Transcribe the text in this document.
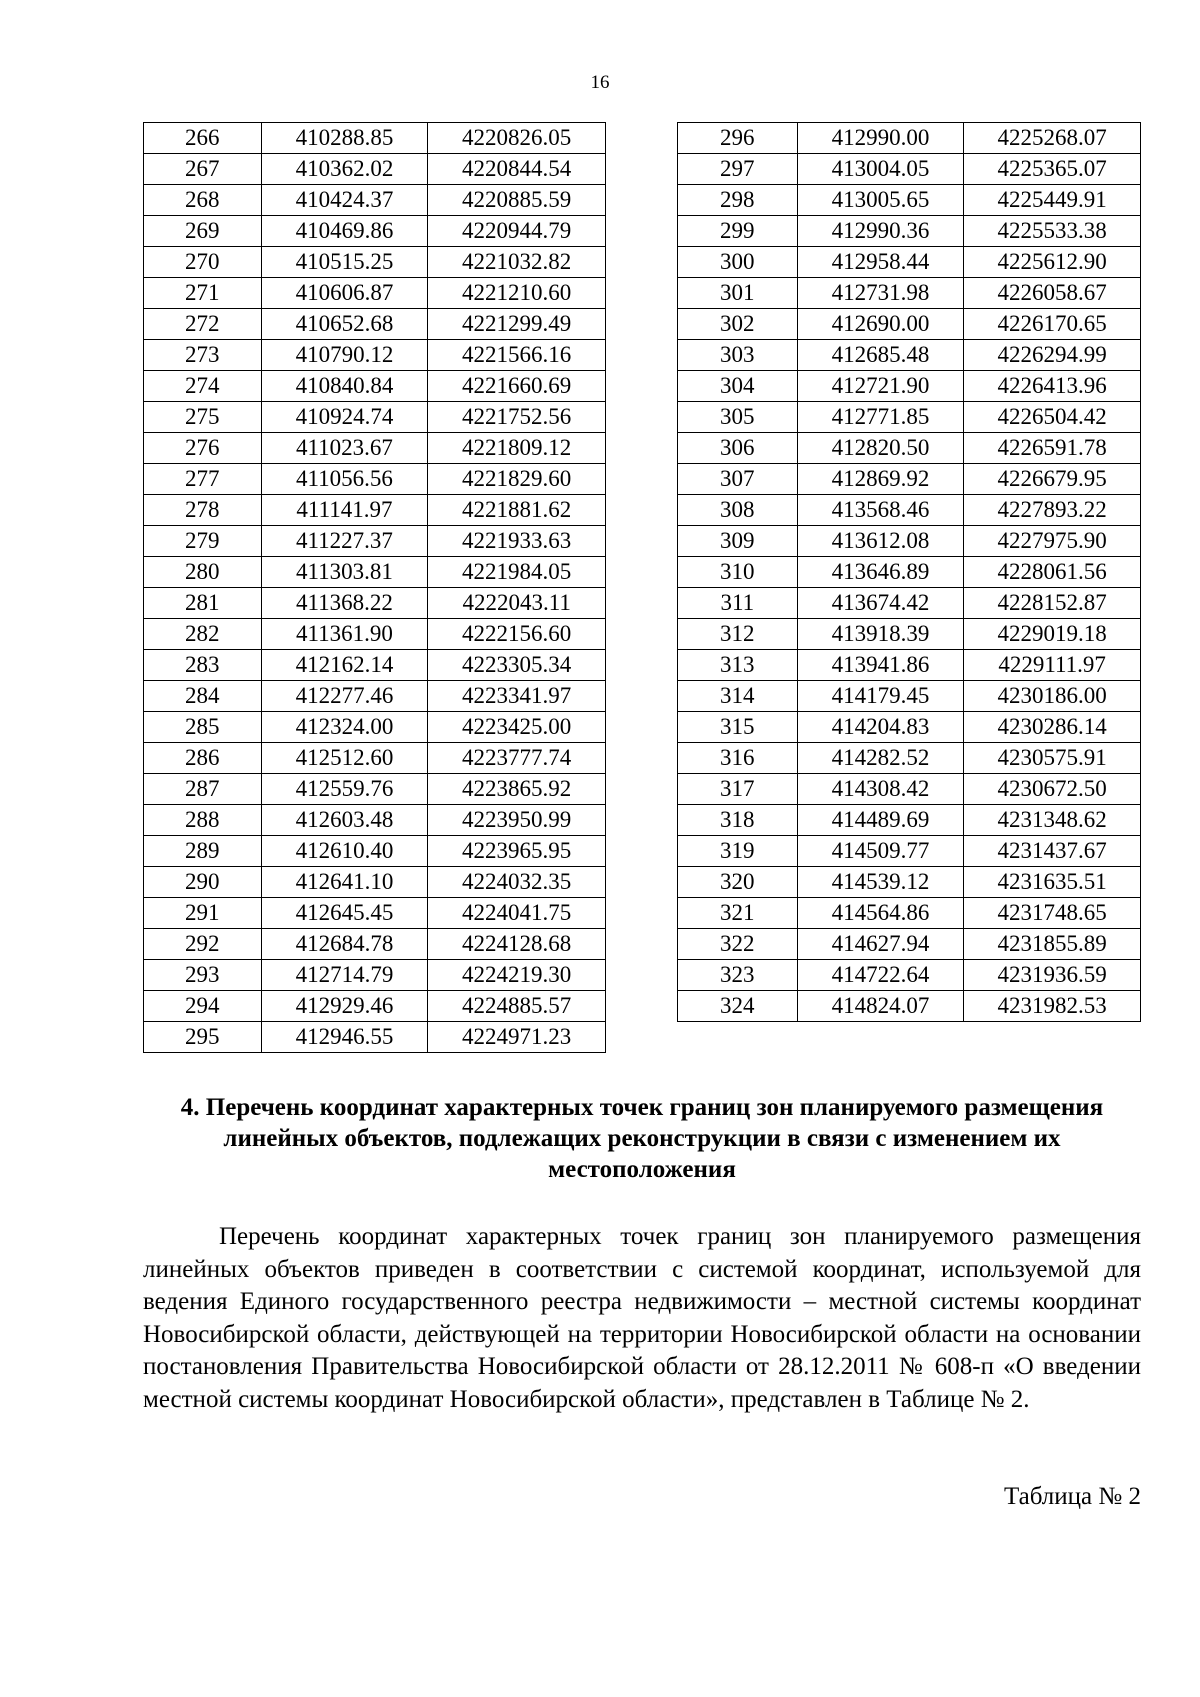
16
266	410288.85	4220826.05
267	410362.02	4220844.54
268	410424.37	4220885.59
269	410469.86	4220944.79
270	410515.25	4221032.82
271	410606.87	4221210.60
272	410652.68	4221299.49
273	410790.12	4221566.16
274	410840.84	4221660.69
275	410924.74	4221752.56
276	411023.67	4221809.12
277	411056.56	4221829.60
278	411141.97	4221881.62
279	411227.37	4221933.63
280	411303.81	4221984.05
281	411368.22	4222043.11
282	411361.90	4222156.60
283	412162.14	4223305.34
284	412277.46	4223341.97
285	412324.00	4223425.00
286	412512.60	4223777.74
287	412559.76	4223865.92
288	412603.48	4223950.99
289	412610.40	4223965.95
290	412641.10	4224032.35
291	412645.45	4224041.75
292	412684.78	4224128.68
293	412714.79	4224219.30
294	412929.46	4224885.57
295	412946.55	4224971.23
296	412990.00	4225268.07
297	413004.05	4225365.07
298	413005.65	4225449.91
299	412990.36	4225533.38
300	412958.44	4225612.90
301	412731.98	4226058.67
302	412690.00	4226170.65
303	412685.48	4226294.99
304	412721.90	4226413.96
305	412771.85	4226504.42
306	412820.50	4226591.78
307	412869.92	4226679.95
308	413568.46	4227893.22
309	413612.08	4227975.90
310	413646.89	4228061.56
311	413674.42	4228152.87
312	413918.39	4229019.18
313	413941.86	4229111.97
314	414179.45	4230186.00
315	414204.83	4230286.14
316	414282.52	4230575.91
317	414308.42	4230672.50
318	414489.69	4231348.62
319	414509.77	4231437.67
320	414539.12	4231635.51
321	414564.86	4231748.65
322	414627.94	4231855.89
323	414722.64	4231936.59
324	414824.07	4231982.53
4. Перечень координат характерных точек границ зон планируемого размещения линейных объектов, подлежащих реконструкции в связи с изменением их местоположения

Перечень координат характерных точек границ зон планируемого размещения линейных объектов приведен в соответствии с системой координат, используемой для ведения Единого государственного реестра недвижимости – местной системы координат Новосибирской области, действующей на территории Новосибирской области на основании постановления Правительства Новосибирской области от 28.12.2011 № 608-п «О введении местной системы координат Новосибирской области», представлен в Таблице № 2.

Таблица № 2
